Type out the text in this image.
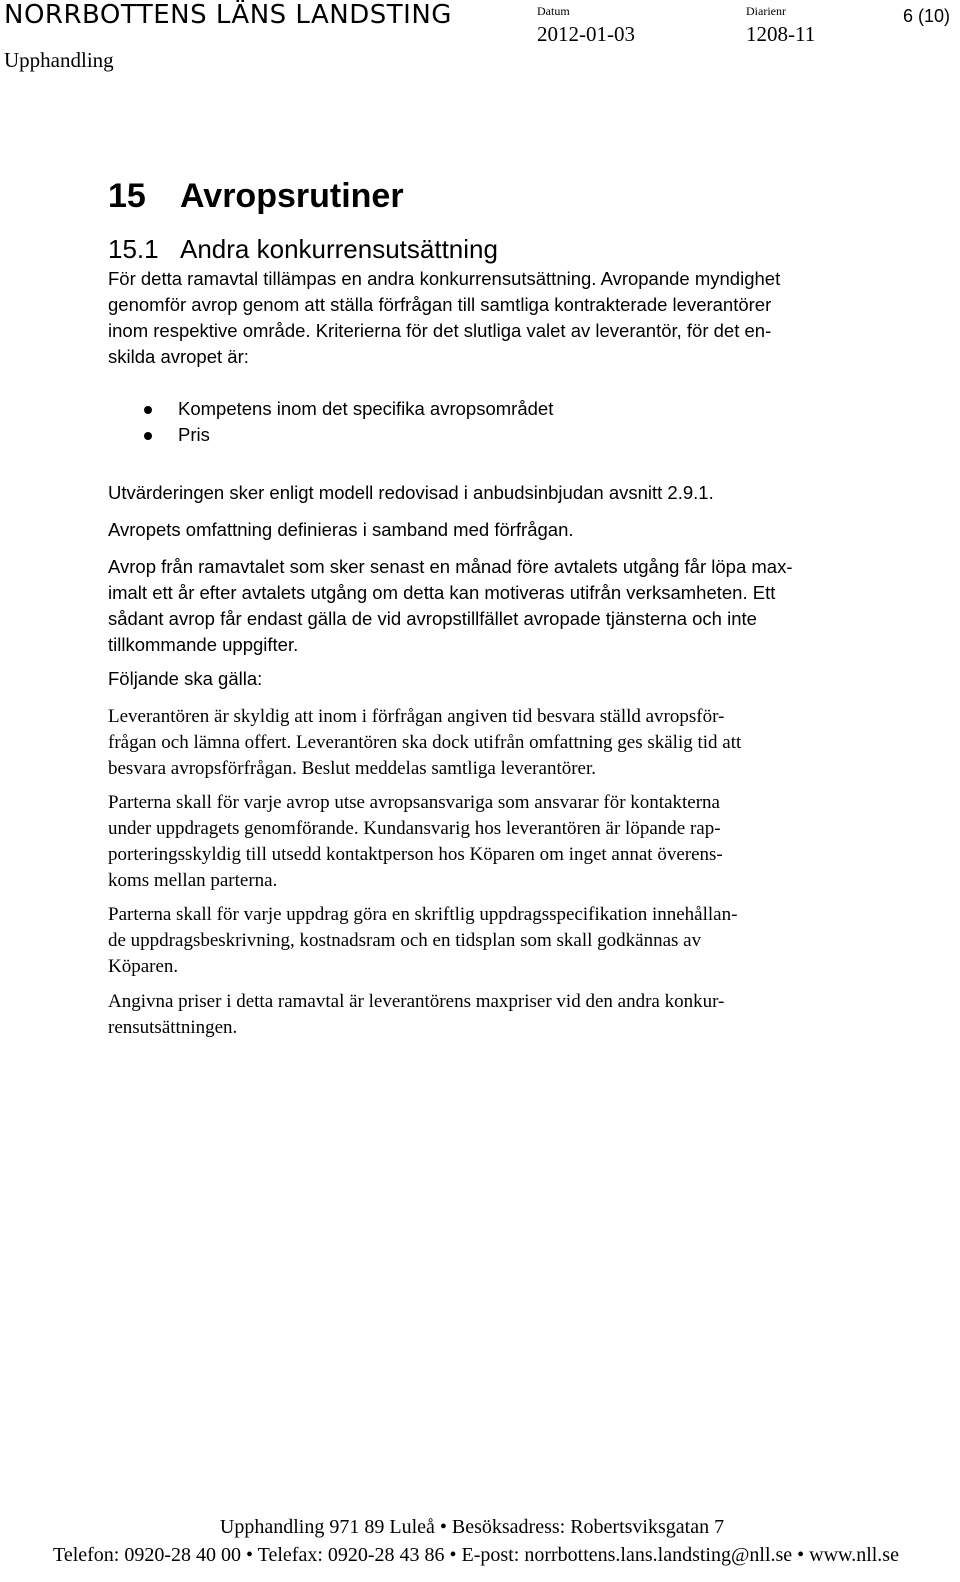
NORRBOTTENS LÄNS LANDSTING
Upphandling
Datum
2012-01-03
Diarienr
1208-11
6 (10)
15 Avropsrutiner
15.1 Andra konkurrensutsättning
För detta ramavtal tillämpas en andra konkurrensutsättning. Avropande myndighet
genomför avrop genom att ställa förfrågan till samtliga kontrakterade leverantörer
inom respektive område. Kriterierna för det slutliga valet av leverantör, för det en-
skilda avropet är:
Kompetens inom det specifika avropsområdet
Pris
Utvärderingen sker enligt modell redovisad i anbudsinbjudan avsnitt 2.9.1.
Avropets omfattning definieras i samband med förfrågan.
Avrop från ramavtalet som sker senast en månad före avtalets utgång får löpa max-
imalt ett år efter avtalets utgång om detta kan motiveras utifrån verksamheten. Ett
sådant avrop får endast gälla de vid avropstillfället avropade tjänsterna och inte
tillkommande uppgifter.
Följande ska gälla:
Leverantören är skyldig att inom i förfrågan angiven tid besvara ställd avropsför-
frågan och lämna offert. Leverantören ska dock utifrån omfattning ges skälig tid att
besvara avropsförfrågan. Beslut meddelas samtliga leverantörer.
Parterna skall för varje avrop utse avropsansvariga som ansvarar för kontakterna
under uppdragets genomförande. Kundansvarig hos leverantören är löpande rap-
porteringsskyldig till utsedd kontaktperson hos Köparen om inget annat överens-
koms mellan parterna.
Parterna skall för varje uppdrag göra en skriftlig uppdragsspecifikation innehållan-
de uppdragsbeskrivning, kostnadsram och en tidsplan som skall godkännas av
Köparen.
Angivna priser i detta ramavtal är leverantörens maxpriser vid den andra konkur-
rensutsättningen.
Upphandling 971 89 Luleå • Besöksadress: Robertsviksgatan 7
Telefon: 0920-28 40 00 • Telefax: 0920-28 43 86 • E-post: norrbottens.lans.landsting@nll.se • www.nll.se
